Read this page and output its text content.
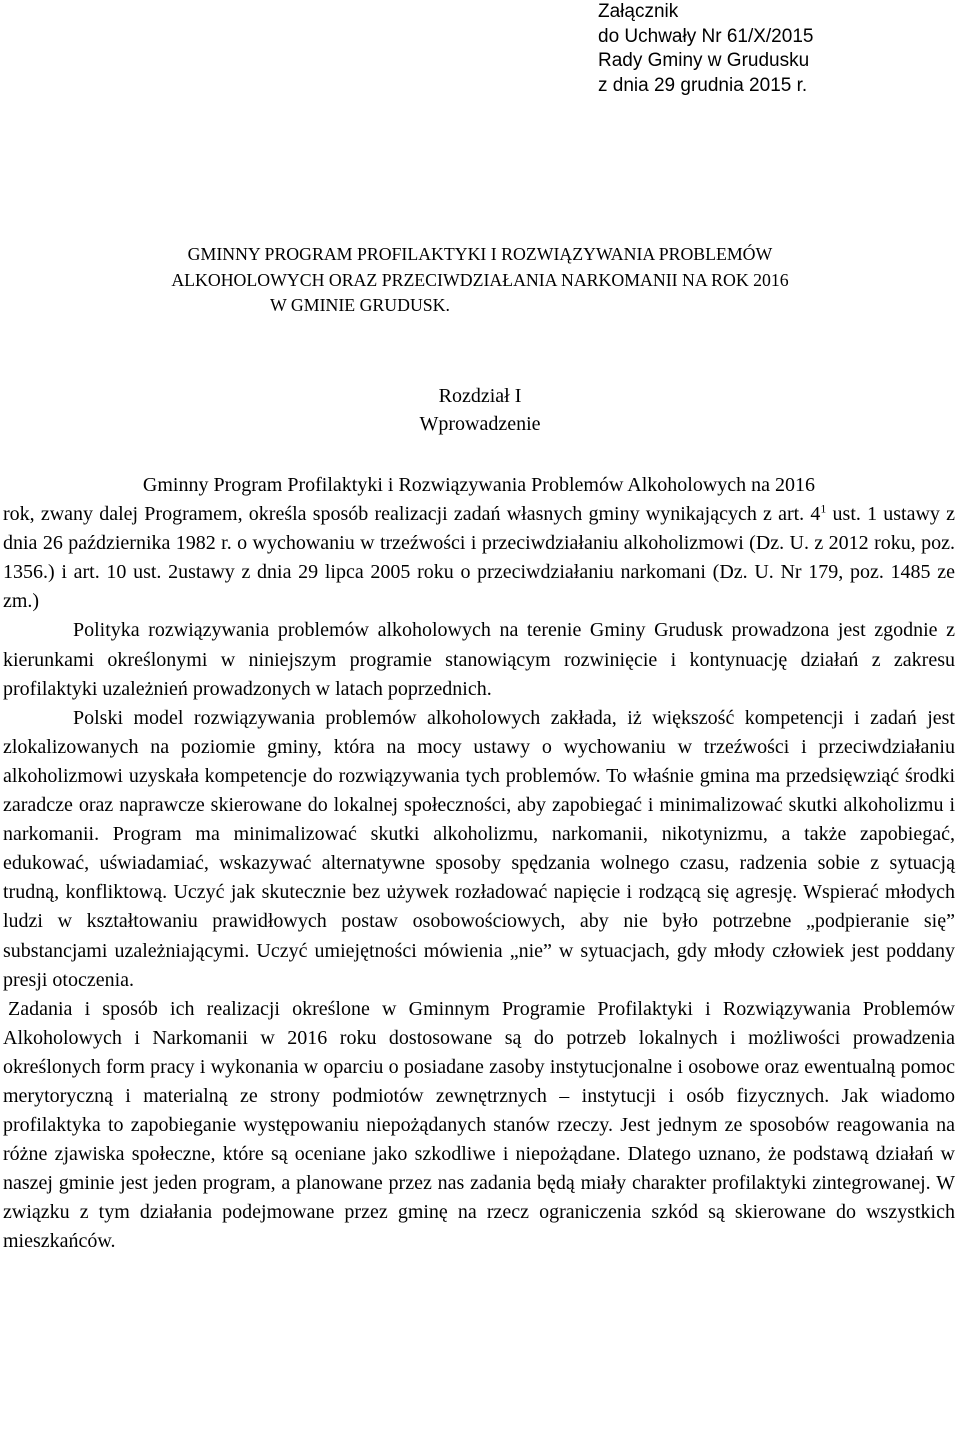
Załącznik
do Uchwały Nr 61/X/2015
Rady Gminy w Grudusku
z dnia 29 grudnia 2015 r.
GMINNY PROGRAM PROFILAKTYKI I ROZWIĄZYWANIA PROBLEMÓW
ALKOHOLOWYCH ORAZ PRZECIWDZIAŁANIA NARKOMANII NA ROK 2016
W GMINIE GRUDUSK.
Rozdział I
Wprowadzenie

Gminny Program Profilaktyki i Rozwiązywania Problemów Alkoholowych na 2016 rok, zwany dalej Programem, określa sposób realizacji zadań własnych gminy wynikających z art. $4^1$ ust. 1 ustawy z dnia 26 października 1982 r. o wychowaniu w trzeźwości i przeciwdziałaniu alkoholizmowi (Dz. U. z 2012 roku, poz. 1356.) i art. 10 ust. 2ustawy z dnia 29 lipca 2005 roku o przeciwdziałaniu narkomani (Dz. U. Nr 179, poz. 1485 ze zm.)

Polityka rozwiązywania problemów alkoholowych na terenie Gminy Grudusk prowadzona jest zgodnie z kierunkami określonymi w niniejszym programie stanowiącym rozwinięcie i kontynuację działań z zakresu profilaktyki uzależnień prowadzonych w latach poprzednich.

Polski model rozwiązywania problemów alkoholowych zakłada, iż większość kompetencji i zadań jest zlokalizowanych na poziomie gminy, która na mocy ustawy o wychowaniu w trzeźwości i przeciwdziałaniu alkoholizmowi uzyskała kompetencje do rozwiązywania tych problemów. To właśnie gmina ma przedsięwziąć środki zaradcze oraz naprawcze skierowane do lokalnej społeczności, aby zapobiegać i minimalizować skutki alkoholizmu i narkomanii. Program ma minimalizować skutki alkoholizmu, narkomanii, nikotynizmu, a także zapobiegać, edukować, uświadamiać, wskazywać alternatywne sposoby spędzania wolnego czasu, radzenia sobie z sytuacją trudną, konfliktową. Uczyć jak skutecznie bez używek rozładować napięcie i rodzącą się agresję. Wspierać młodych ludzi w kształtowaniu prawidłowych postaw osobowościowych, aby nie było potrzebne „podpieranie się” substancjami uzależniającymi. Uczyć umiejętności mówienia „nie” w sytuacjach, gdy młody człowiek jest poddany presji otoczenia.

Zadania i sposób ich realizacji określone w Gminnym Programie Profilaktyki i Rozwiązywania Problemów Alkoholowych i Narkomanii w 2016 roku dostosowane są do potrzeb lokalnych i możliwości prowadzenia określonych form pracy i wykonania w oparciu o posiadane zasoby instytucjonalne i osobowe oraz ewentualną pomoc merytoryczną i materialną ze strony podmiotów zewnętrznych – instytucji i osób fizycznych. Jak wiadomo profilaktyka to zapobieganie występowaniu niepożądanych stanów rzeczy. Jest jednym ze sposobów reagowania na różne zjawiska społeczne, które są oceniane jako szkodliwe i niepożądane. Dlatego uznano, że podstawą działań w naszej gminie jest jeden program, a planowane przez nas zadania będą miały charakter profilaktyki zintegrowanej. W związku z tym działania podejmowane przez gminę na rzecz ograniczenia szkód są skierowane do wszystkich mieszkańców.
